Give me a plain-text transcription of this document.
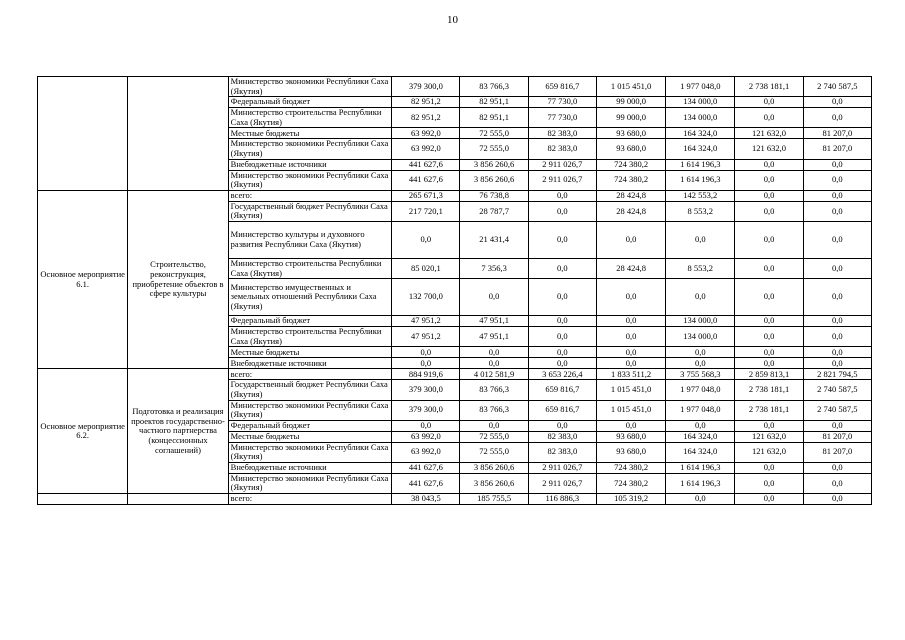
10
		Министерство экономики Республики Саха (Якутия)	379 300,0	83 766,3	659 816,7	1 015 451,0	1 977 048,0	2 738 181,1	2 740 587,5
		Федеральный бюджет	82 951,2	82 951,1	77 730,0	99 000,0	134 000,0	0,0	0,0
		Министерство строительства Республики Саха (Якутия)	82 951,2	82 951,1	77 730,0	99 000,0	134 000,0	0,0	0,0
		Местные бюджеты	63 992,0	72 555,0	82 383,0	93 680,0	164 324,0	121 632,0	81 207,0
		Министерство экономики Республики Саха (Якутия)	63 992,0	72 555,0	82 383,0	93 680,0	164 324,0	121 632,0	81 207,0
		Внебюджетные источники	441 627,6	3 856 260,6	2 911 026,7	724 380,2	1 614 196,3	0,0	0,0
		Министерство экономики Республики Саха (Якутия)	441 627,6	3 856 260,6	2 911 026,7	724 380,2	1 614 196,3	0,0	0,0
Основное мероприятие 6.1.	Строительство, реконструкция, приобретение объектов в сфере культуры	всего:	265 671,3	76 738,8	0,0	28 424,8	142 553,2	0,0	0,0
		Государственный бюджет Республики Саха (Якутия)	217 720,1	28 787,7	0,0	28 424,8	8 553,2	0,0	0,0
		Министерство культуры и духовного развития Республики Саха (Якутия)	0,0	21 431,4	0,0	0,0	0,0	0,0	0,0
		Министерство строительства Республики Саха (Якутия)	85 020,1	7 356,3	0,0	28 424,8	8 553,2	0,0	0,0
		Министерство имущественных и земельных отношений Республики Саха (Якутия)	132 700,0	0,0	0,0	0,0	0,0	0,0	0,0
		Федеральный бюджет	47 951,2	47 951,1	0,0	0,0	134 000,0	0,0	0,0
		Министерство строительства Республики Саха (Якутия)	47 951,2	47 951,1	0,0	0,0	134 000,0	0,0	0,0
		Местные бюджеты	0,0	0,0	0,0	0,0	0,0	0,0	0,0
		Внебюджетные источники	0,0	0,0	0,0	0,0	0,0	0,0	0,0
Основное мероприятие 6.2.	Подготовка и реализация проектов государственно-частного партнерства (концессионных соглашений)	всего:	884 919,6	4 012 581,9	3 653 226,4	1 833 511,2	3 755 568,3	2 859 813,1	2 821 794,5
		Государственный бюджет Республики Саха (Якутия)	379 300,0	83 766,3	659 816,7	1 015 451,0	1 977 048,0	2 738 181,1	2 740 587,5
		Министерство экономики Республики Саха (Якутия)	379 300,0	83 766,3	659 816,7	1 015 451,0	1 977 048,0	2 738 181,1	2 740 587,5
		Федеральный бюджет	0,0	0,0	0,0	0,0	0,0	0,0	0,0
		Местные бюджеты	63 992,0	72 555,0	82 383,0	93 680,0	164 324,0	121 632,0	81 207,0
		Министерство экономики Республики Саха (Якутия)	63 992,0	72 555,0	82 383,0	93 680,0	164 324,0	121 632,0	81 207,0
		Внебюджетные источники	441 627,6	3 856 260,6	2 911 026,7	724 380,2	1 614 196,3	0,0	0,0
		Министерство экономики Республики Саха (Якутия)	441 627,6	3 856 260,6	2 911 026,7	724 380,2	1 614 196,3	0,0	0,0
		всего:	38 043,5	185 755,5	116 886,3	105 319,2	0,0	0,0	0,0
